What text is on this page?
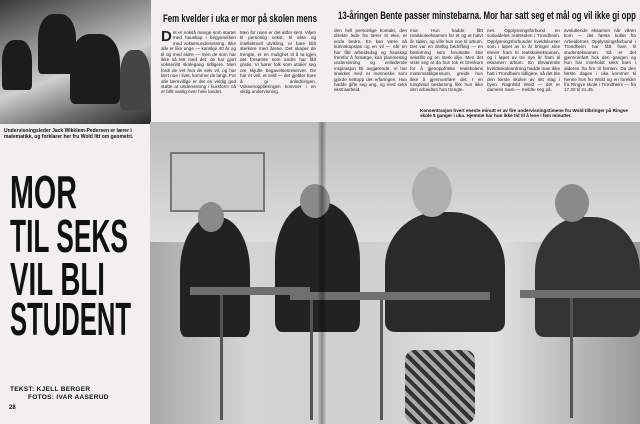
Undervisningsleder Jack Wikklem-Pedersen er lærer i matematikk, og forklarer her fru Wold litt om geometri.
MOR
TIL SEKS
VIL BLI
STUDENT
TEKST: KJELL BERGER
FOTOS: IVAR AASERUD
28
Fem kvelder i uka er mor på skolen mens 13-åringen Bente passer minstebarna. Mor har satt seg et mål og vil ikke gi opp
Det er nokså mange som starter med hauskap i begynnelsen med voksenundervisning. Ikke alle er like unge — kanskje 40 år og til og med eldre — men de som har ikke så lett med det; de har gjort voksenlitt skolegang tidligere. Men fordi de vet hva de selv vil, og har lært noe i livet, kommer de langt. For alle lærevillige er det en veldig god støtte at undervisning i kursform nå er blitt vanlig over hele landet.
Men for noen er det altfor sent. Viljen til personlig vekst, til økte og intellektuell utvikling, er bare blitt sterkere med årene. Det skaper de trengte, er en mulighet til å ta igjen det forsømte som andre har fått gratis. Vi hører folk som uttaler seg om skjulte begavelsesreserver. De har et vell, et veld — det gjelder bare å gi anledningen. Voksenopplæringen kommer i en viktig undervisning.
den hell personlige kontakt, den direkte lede fra lærer til elev, er enda bedre. En kan være så kunnskapsløs og en vil — når en har fått arbeidsdag og hauskap fremfor å forsørge, kan planmessig undervisning og veiledende inspirasjon bli avgjørende. Vi har snakket med et menneske som gjorde nettopp det erfaringen. Hun hadde gifte seg ung, og med seks ekstraarbeid.
mor. Hun hadde fått realskoleeksamen for et og et halvt år siden, og ville hun noe til artium. Det var en drøftig bedrifting — en beslutning som forutsatte stor selvtillit og en sterk vilje. Men det viste seg at da hun tok et brevkurs for å gjenoppfriske realskolens matematikkpensum, greide hun ikke å gjennomføre det. I en tungtveid beslutning fikk hun ikke den arbeidsro hun trengte.
nes Opplysningsforbund en sosialdeles realskolen i Trondheim. Opplysningsforbundet kveldskurser som i løpet av to år bringer sine elever fram til realskoleeksamen, og i løpet av tre nye år fram til eksamen artium. En tilsvarende kveldsskoleordning hadde man ikke hatt i Trondheim tidligere, så det ble den første skolen av sitt slag i byen. Ragnhild Wold — det er damens navn — meldte seg på.
avsluttende eksamen når våren kom — det første kullet fra Arbeidernes Opplysningsforbund i Trondheim har fått fram til studenteksamen. Så er det gjennomført hos den gangen og hun har inneholdt seks barn i alderen fra fire til femten. Da den første dagen i uka kommer til henne hos fru Wold og en foreldre fra Ringve skole i Trondheim — fra 17.30 til 21.45.
Konsentrasjon hvert eneste minutt er av fire undervisningstimene fru Wold tilbringer på Ringve skole 5 ganger i uka. Hjemme har hun ikke tid til å lese i fem minutter.
